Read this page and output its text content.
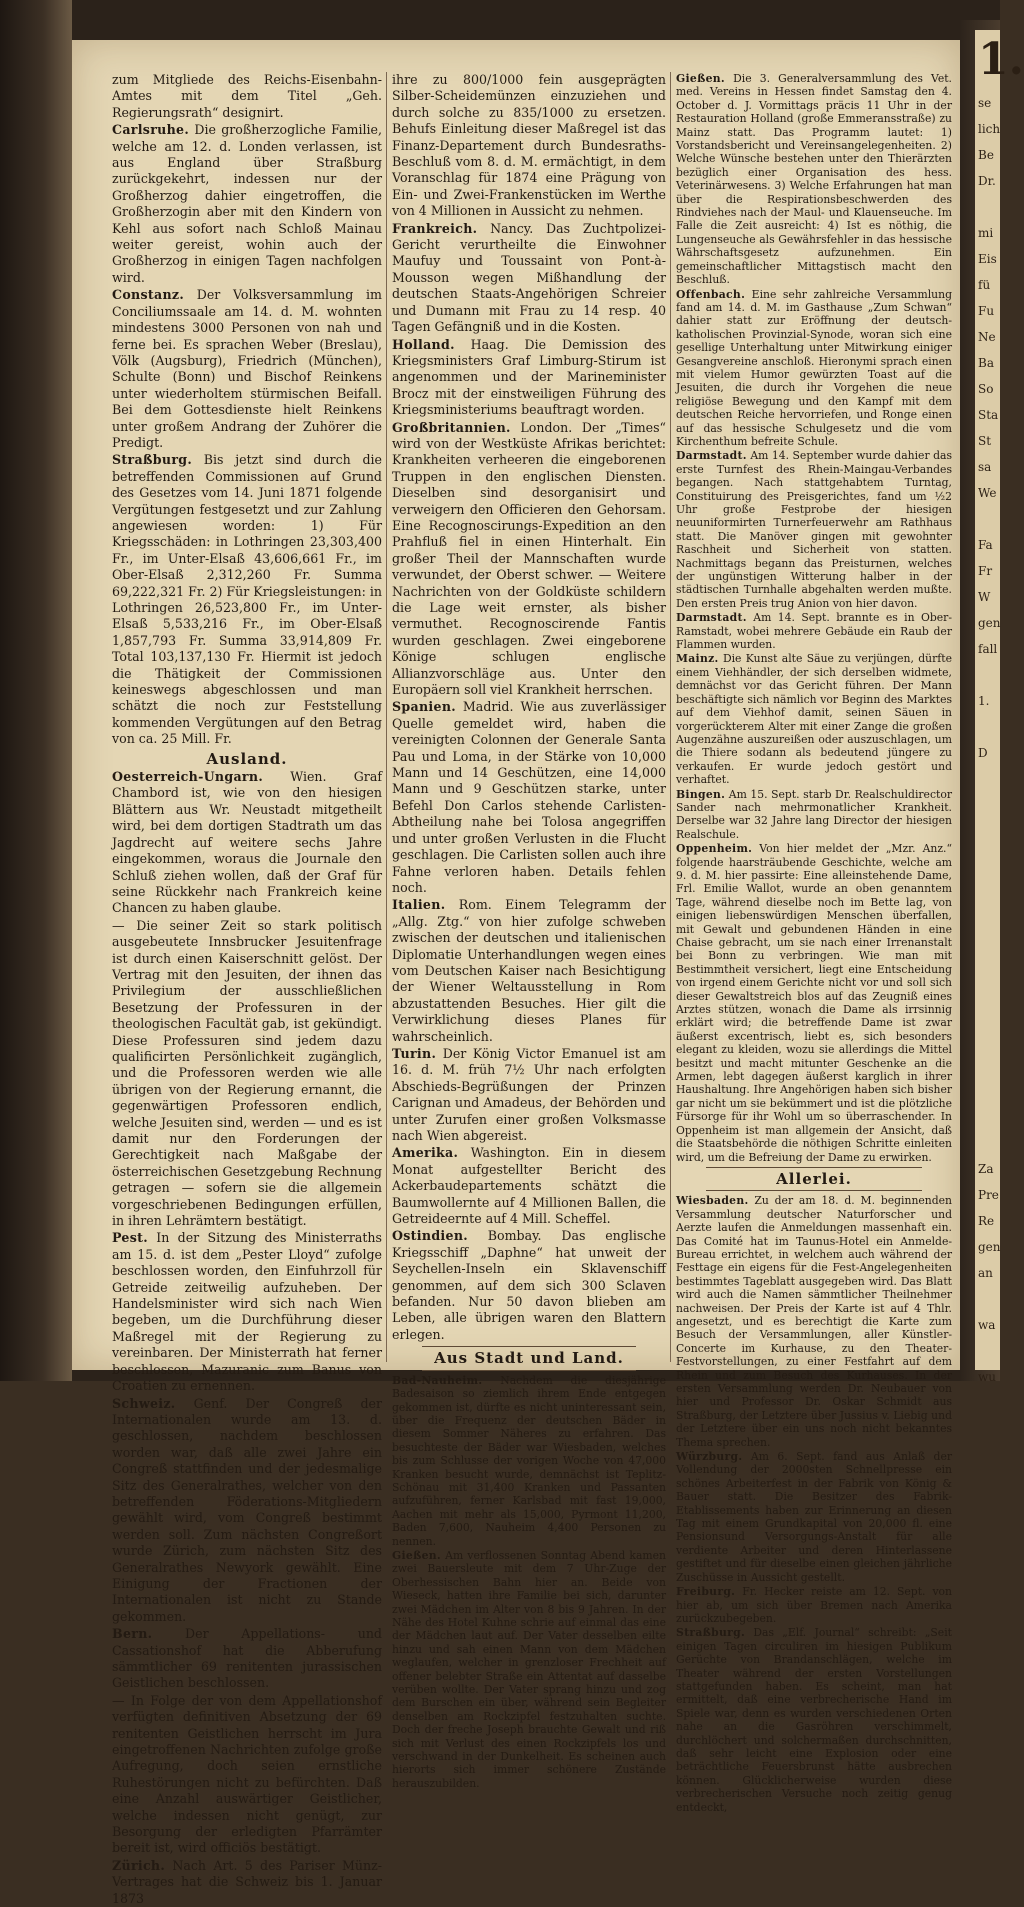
1.
se
lich
Be
Dr.

mi
Eis
fü
Fu
Ne
Ba
So
Sta
St
sa
We

Fa
Fr
W
gen
fall

1.

D

Za
Pre
Re
gen
an

wa

wu

zum Mitgliede des Reichs-Eisenbahn-Amtes mit dem Titel „Geh. Regierungsrath“ designirt.

Carlsruhe. Die großherzogliche Familie, welche am 12. d. Londen verlassen, ist aus England über Straßburg zurückgekehrt, indessen nur der Großherzog dahier eingetroffen, die Großherzogin aber mit den Kindern von Kehl aus sofort nach Schloß Mainau weiter gereist, wohin auch der Großherzog in einigen Tagen nachfolgen wird.

Constanz. Der Volksversammlung im Conciliumssaale am 14. d. M. wohnten mindestens 3000 Personen von nah und ferne bei. Es sprachen Weber (Breslau), Völk (Augsburg), Friedrich (München), Schulte (Bonn) und Bischof Reinkens unter wiederholtem stürmischen Beifall. Bei dem Gottesdienste hielt Reinkens unter großem Andrang der Zuhörer die Predigt.

Straßburg. Bis jetzt sind durch die betreffenden Commissionen auf Grund des Gesetzes vom 14. Juni 1871 folgende Vergütungen festgesetzt und zur Zahlung angewiesen worden: 1) Für Kriegsschäden: in Lothringen 23,303,400 Fr., im Unter-Elsaß 43,606,661 Fr., im Ober-Elsaß 2,312,260 Fr. Summa 69,222,321 Fr. 2) Für Kriegsleistungen: in Lothringen 26,523,800 Fr., im Unter-Elsaß 5,533,216 Fr., im Ober-Elsaß 1,857,793 Fr. Summa 33,914,809 Fr. Total 103,137,130 Fr. Hiermit ist jedoch die Thätigkeit der Commissionen keineswegs abgeschlossen und man schätzt die noch zur Feststellung kommenden Vergütungen auf den Betrag von ca. 25 Mill. Fr.

Ausland.

Oesterreich-Ungarn. Wien. Graf Chambord ist, wie von den hiesigen Blättern aus Wr. Neustadt mitgetheilt wird, bei dem dortigen Stadtrath um das Jagdrecht auf weitere sechs Jahre eingekommen, woraus die Journale den Schluß ziehen wollen, daß der Graf für seine Rückkehr nach Frankreich keine Chancen zu haben glaube.

— Die seiner Zeit so stark politisch ausgebeutete Innsbrucker Jesuitenfrage ist durch einen Kaiserschnitt gelöst. Der Vertrag mit den Jesuiten, der ihnen das Privilegium der ausschließlichen Besetzung der Professuren in der theologischen Facultät gab, ist gekündigt. Diese Professuren sind jedem dazu qualificirten Persönlichkeit zugänglich, und die Professoren werden wie alle übrigen von der Regierung ernannt, die gegenwärtigen Professoren endlich, welche Jesuiten sind, werden — und es ist damit nur den Forderungen der Gerechtigkeit nach Maßgabe der österreichischen Gesetzgebung Rechnung getragen — sofern sie die allgemein vorgeschriebenen Bedingungen erfüllen, in ihren Lehrämtern bestätigt.

Pest. In der Sitzung des Ministerraths am 15. d. ist dem „Pester Lloyd“ zufolge beschlossen worden, den Einfuhrzoll für Getreide zeitweilig aufzuheben. Der Handelsminister wird sich nach Wien begeben, um die Durchführung dieser Maßregel mit der Regierung zu vereinbaren. Der Ministerrath hat ferner beschlossen, Mazuranic zum Banus von Croatien zu ernennen.

Schweiz. Genf. Der Congreß der Internationalen wurde am 13. d. geschlossen, nachdem beschlossen worden war, daß alle zwei Jahre ein Congreß stattfinden und der jedesmalige Sitz des Generalrathes, welcher von den betreffenden Föderations-Mitgliedern gewählt wird, vom Congreß bestimmt werden soll. Zum nächsten Congreßort wurde Zürich, zum nächsten Sitz des Generalrathes Newyork gewählt. Eine Einigung der Fractionen der Internationalen ist nicht zu Stande gekommen.

Bern. Der Appellations- und Cassationshof hat die Abberufung sämmtlicher 69 renitenten jurassischen Geistlichen beschlossen.

— In Folge der von dem Appellationshof verfügten definitiven Absetzung der 69 renitenten Geistlichen herrscht im Jura eingetroffenen Nachrichten zufolge große Aufregung, doch seien ernstliche Ruhestörungen nicht zu befürchten. Daß eine Anzahl auswärtiger Geistlicher, welche indessen nicht genügt, zur Besorgung der erledigten Pfarrämter bereit ist, wird officiös bestätigt.

Zürich. Nach Art. 5 des Pariser Münz-Vertrages hat die Schweiz bis 1. Januar 1873

ihre zu 800/1000 fein ausgeprägten Silber-Scheidemünzen einzuziehen und durch solche zu 835/1000 zu ersetzen. Behufs Einleitung dieser Maßregel ist das Finanz-Departement durch Bundesraths-Beschluß vom 8. d. M. ermächtigt, in dem Voranschlag für 1874 eine Prägung von Ein- und Zwei-Frankenstücken im Werthe von 4 Millionen in Aussicht zu nehmen.

Frankreich. Nancy. Das Zuchtpolizei-Gericht verurtheilte die Einwohner Maufuy und Toussaint von Pont-à-Mousson wegen Mißhandlung der deutschen Staats-Angehörigen Schreier und Dumann mit Frau zu 14 resp. 40 Tagen Gefängniß und in die Kosten.

Holland. Haag. Die Demission des Kriegsministers Graf Limburg-Stirum ist angenommen und der Marineminister Brocz mit der einstweiligen Führung des Kriegsministeriums beauftragt worden.

Großbritannien. London. Der „Times“ wird von der Westküste Afrikas berichtet: Krankheiten verheeren die eingeborenen Truppen in den englischen Diensten. Dieselben sind desorganisirt und verweigern den Officieren den Gehorsam. Eine Recognoscirungs-Expedition an den Prahfluß fiel in einen Hinterhalt. Ein großer Theil der Mannschaften wurde verwundet, der Oberst schwer. — Weitere Nachrichten von der Goldküste schildern die Lage weit ernster, als bisher vermuthet. Recognoscirende Fantis wurden geschlagen. Zwei eingeborene Könige schlugen englische Allianzvorschläge aus. Unter den Europäern soll viel Krankheit herrschen.

Spanien. Madrid. Wie aus zuverlässiger Quelle gemeldet wird, haben die vereinigten Colonnen der Generale Santa Pau und Loma, in der Stärke von 10,000 Mann und 14 Geschützen, eine 14,000 Mann und 9 Geschützen starke, unter Befehl Don Carlos stehende Carlisten-Abtheilung nahe bei Tolosa angegriffen und unter großen Verlusten in die Flucht geschlagen. Die Carlisten sollen auch ihre Fahne verloren haben. Details fehlen noch.

Italien. Rom. Einem Telegramm der „Allg. Ztg.“ von hier zufolge schweben zwischen der deutschen und italienischen Diplomatie Unterhandlungen wegen eines vom Deutschen Kaiser nach Besichtigung der Wiener Weltausstellung in Rom abzustattenden Besuches. Hier gilt die Verwirklichung dieses Planes für wahrscheinlich.

Turin. Der König Victor Emanuel ist am 16. d. M. früh 7½ Uhr nach erfolgten Abschieds-Begrüßungen der Prinzen Carignan und Amadeus, der Behörden und unter Zurufen einer großen Volksmasse nach Wien abgereist.

Amerika. Washington. Ein in diesem Monat aufgestellter Bericht des Ackerbaudepartements schätzt die Baumwollernte auf 4 Millionen Ballen, die Getreideernte auf 4 Mill. Scheffel.

Ostindien. Bombay. Das englische Kriegsschiff „Daphne“ hat unweit der Seychellen-Inseln ein Sklavenschiff genommen, auf dem sich 300 Sclaven befanden. Nur 50 davon blieben am Leben, alle übrigen waren den Blattern erlegen.

Aus Stadt und Land.

Bad-Nauheim. Nachdem die diesjährige Badesaison so ziemlich ihrem Ende entgegen gekommen ist, dürfte es nicht uninteressant sein, über die Frequenz der deutschen Bäder in diesem Sommer Näheres zu erfahren. Das besuchteste der Bäder war Wiesbaden, welches bis zum Schlusse der vorigen Woche von 47,000 Kranken besucht wurde, demnächst ist Teplitz-Schönau mit 31,400 Kranken und Passanten aufzuführen, ferner Karlsbad mit fast 19,000, Aachen mit mehr als 15,000, Pyrmont 11,200, Baden 7,600, Nauheim 4,400 Personen zu nennen.

Gießen. Am verflossenen Sonntag Abend kamen zwei Bauersleute mit dem 7 Uhr-Zuge der Oberhessischen Bahn hier an. Beide von Wieseck, hatten ihre Familie bei sich, darunter zwei Mädchen im Alter von 8 bis 9 Jahren. In der Nähe des Hotel Kuhne schrie auf einmal das eine der Mädchen laut auf. Der Vater desselben eilte hinzu und sah einen Mann von dem Mädchen weglaufen, welcher in grenzloser Frechheit auf offener belebter Straße ein Attentat auf dasselbe verüben wollte. Der Vater sprang hinzu und zog dem Burschen ein über, während sein Begleiter denselben am Rockzipfel festzuhalten suchte. Doch der freche Joseph brauchte Gewalt und riß sich mit Verlust des einen Rockzipfels los und verschwand in der Dunkelheit. Es scheinen auch hierorts sich immer schönere Zustände herauszubilden.

Gießen. Die 3. Generalversammlung des Vet. med. Vereins in Hessen findet Samstag den 4. October d. J. Vormittags präcis 11 Uhr in der Restauration Holland (große Emmeransstraße) zu Mainz statt. Das Programm lautet: 1) Vorstandsbericht und Vereinsangelegenheiten. 2) Welche Wünsche bestehen unter den Thierärzten bezüglich einer Organisation des hess. Veterinärwesens. 3) Welche Erfahrungen hat man über die Respirationsbeschwerden des Rindviehes nach der Maul- und Klauenseuche. Im Falle die Zeit ausreicht: 4) Ist es nöthig, die Lungenseuche als Gewährsfehler in das hessische Währschaftsgesetz aufzunehmen. Ein gemeinschaftlicher Mittagstisch macht den Beschluß.

Offenbach. Eine sehr zahlreiche Versammlung fand am 14. d. M. im Gasthause „Zum Schwan“ dahier statt zur Eröffnung der deutsch-katholischen Provinzial-Synode, woran sich eine gesellige Unterhaltung unter Mitwirkung einiger Gesangvereine anschloß. Hieronymi sprach einen mit vielem Humor gewürzten Toast auf die Jesuiten, die durch ihr Vorgehen die neue religiöse Bewegung und den Kampf mit dem deutschen Reiche hervorriefen, und Ronge einen auf das hessische Schulgesetz und die vom Kirchenthum befreite Schule.

Darmstadt. Am 14. September wurde dahier das erste Turnfest des Rhein-Maingau-Verbandes begangen. Nach stattgehabtem Turntag, Constituirung des Preisgerichtes, fand um ½2 Uhr große Festprobe der hiesigen neuuniformirten Turnerfeuerwehr am Rathhaus statt. Die Manöver gingen mit gewohnter Raschheit und Sicherheit von statten. Nachmittags begann das Preisturnen, welches der ungünstigen Witterung halber in der städtischen Turnhalle abgehalten werden mußte. Den ersten Preis trug Anion von hier davon.

Darmstadt. Am 14. Sept. brannte es in Ober-Ramstadt, wobei mehrere Gebäude ein Raub der Flammen wurden.

Mainz. Die Kunst alte Säue zu verjüngen, dürfte einem Viehhändler, der sich derselben widmete, demnächst vor das Gericht führen. Der Mann beschäftigte sich nämlich vor Beginn des Marktes auf dem Viehhof damit, seinen Säuen in vorgerückterem Alter mit einer Zange die großen Augenzähne auszureißen oder auszuschlagen, um die Thiere sodann als bedeutend jüngere zu verkaufen. Er wurde jedoch gestört und verhaftet.

Bingen. Am 15. Sept. starb Dr. Realschuldirector Sander nach mehrmonatlicher Krankheit. Derselbe war 32 Jahre lang Director der hiesigen Realschule.

Oppenheim. Von hier meldet der „Mzr. Anz.“ folgende haarsträubende Geschichte, welche am 9. d. M. hier passirte: Eine alleinstehende Dame, Frl. Emilie Wallot, wurde an oben genanntem Tage, während dieselbe noch im Bette lag, von einigen liebenswürdigen Menschen überfallen, mit Gewalt und gebundenen Händen in eine Chaise gebracht, um sie nach einer Irrenanstalt bei Bonn zu verbringen. Wie man mit Bestimmtheit versichert, liegt eine Entscheidung von irgend einem Gerichte nicht vor und soll sich dieser Gewaltstreich blos auf das Zeugniß eines Arztes stützen, wonach die Dame als irrsinnig erklärt wird; die betreffende Dame ist zwar äußerst excentrisch, liebt es, sich besonders elegant zu kleiden, wozu sie allerdings die Mittel besitzt und macht mitunter Geschenke an die Armen, lebt dagegen äußerst karglich in ihrer Haushaltung. Ihre Angehörigen haben sich bisher gar nicht um sie bekümmert und ist die plötzliche Fürsorge für ihr Wohl um so überraschender. In Oppenheim ist man allgemein der Ansicht, daß die Staatsbehörde die nöthigen Schritte einleiten wird, um die Befreiung der Dame zu erwirken.

Allerlei.

Wiesbaden. Zu der am 18. d. M. beginnenden Versammlung deutscher Naturforscher und Aerzte laufen die Anmeldungen massenhaft ein. Das Comité hat im Taunus-Hotel ein Anmelde-Bureau errichtet, in welchem auch während der Festtage ein eigens für die Fest-Angelegenheiten bestimmtes Tageblatt ausgegeben wird. Das Blatt wird auch die Namen sämmtlicher Theilnehmer nachweisen. Der Preis der Karte ist auf 4 Thlr. angesetzt, und es berechtigt die Karte zum Besuch der Versammlungen, aller Künstler-Concerte im Kurhause, zu den Theater-Festvorstellungen, zu einer Festfahrt auf dem Rhein und zum Besuch des Kurhauses. In der ersten Versammlung werden Dr. Neubauer von hier und Professor Dr. Oskar Schmidt aus Straßburg, der Letztere über Jussius v. Liebig und der Letztere über ein uns noch nicht bekanntes Thema sprechen.

Würzburg. Am 6. Sept. fand aus Anlaß der Vollendung der 2000sten Schnellpresse ein schönes Arbeiterfest in der Fabrik von König & Bauer statt. Die Besitzer des Fabrik-Etablissements haben zur Erinnerung an diesen Tag mit einem Grundkapital von 20,000 fl. eine Pensionsund Versorgungs-Anstalt für alle verdiente Arbeiter und deren Hinterlassene gestiftet und für dieselbe einen gleichen jährliche Zuschüsse in Aussicht gestellt.

Freiburg. Fr. Hecker reiste am 12. Sept. von hier ab, um sich über Bremen nach Amerika zurückzubegeben.

Straßburg. Das „Elf. Journal“ schreibt: „Seit einigen Tagen circuliren im hiesigen Publikum Gerüchte von Brandanschlägen, welche im Theater während der ersten Vorstellungen stattgefunden haben. Es scheint, man hat ermittelt, daß eine verbrecherische Hand im Spiele war, denn es wurden verschiedenen Orten nahe an die Gasröhren verschimmelt, durchlöchert und solchermaßen durchschnitten, daß sehr leicht eine Explosion oder eine beträchtliche Feuersbrunst hätte ausbrechen können. Glücklicherweise wurden diese verbrecherischen Versuche noch zeitig genug entdeckt,
